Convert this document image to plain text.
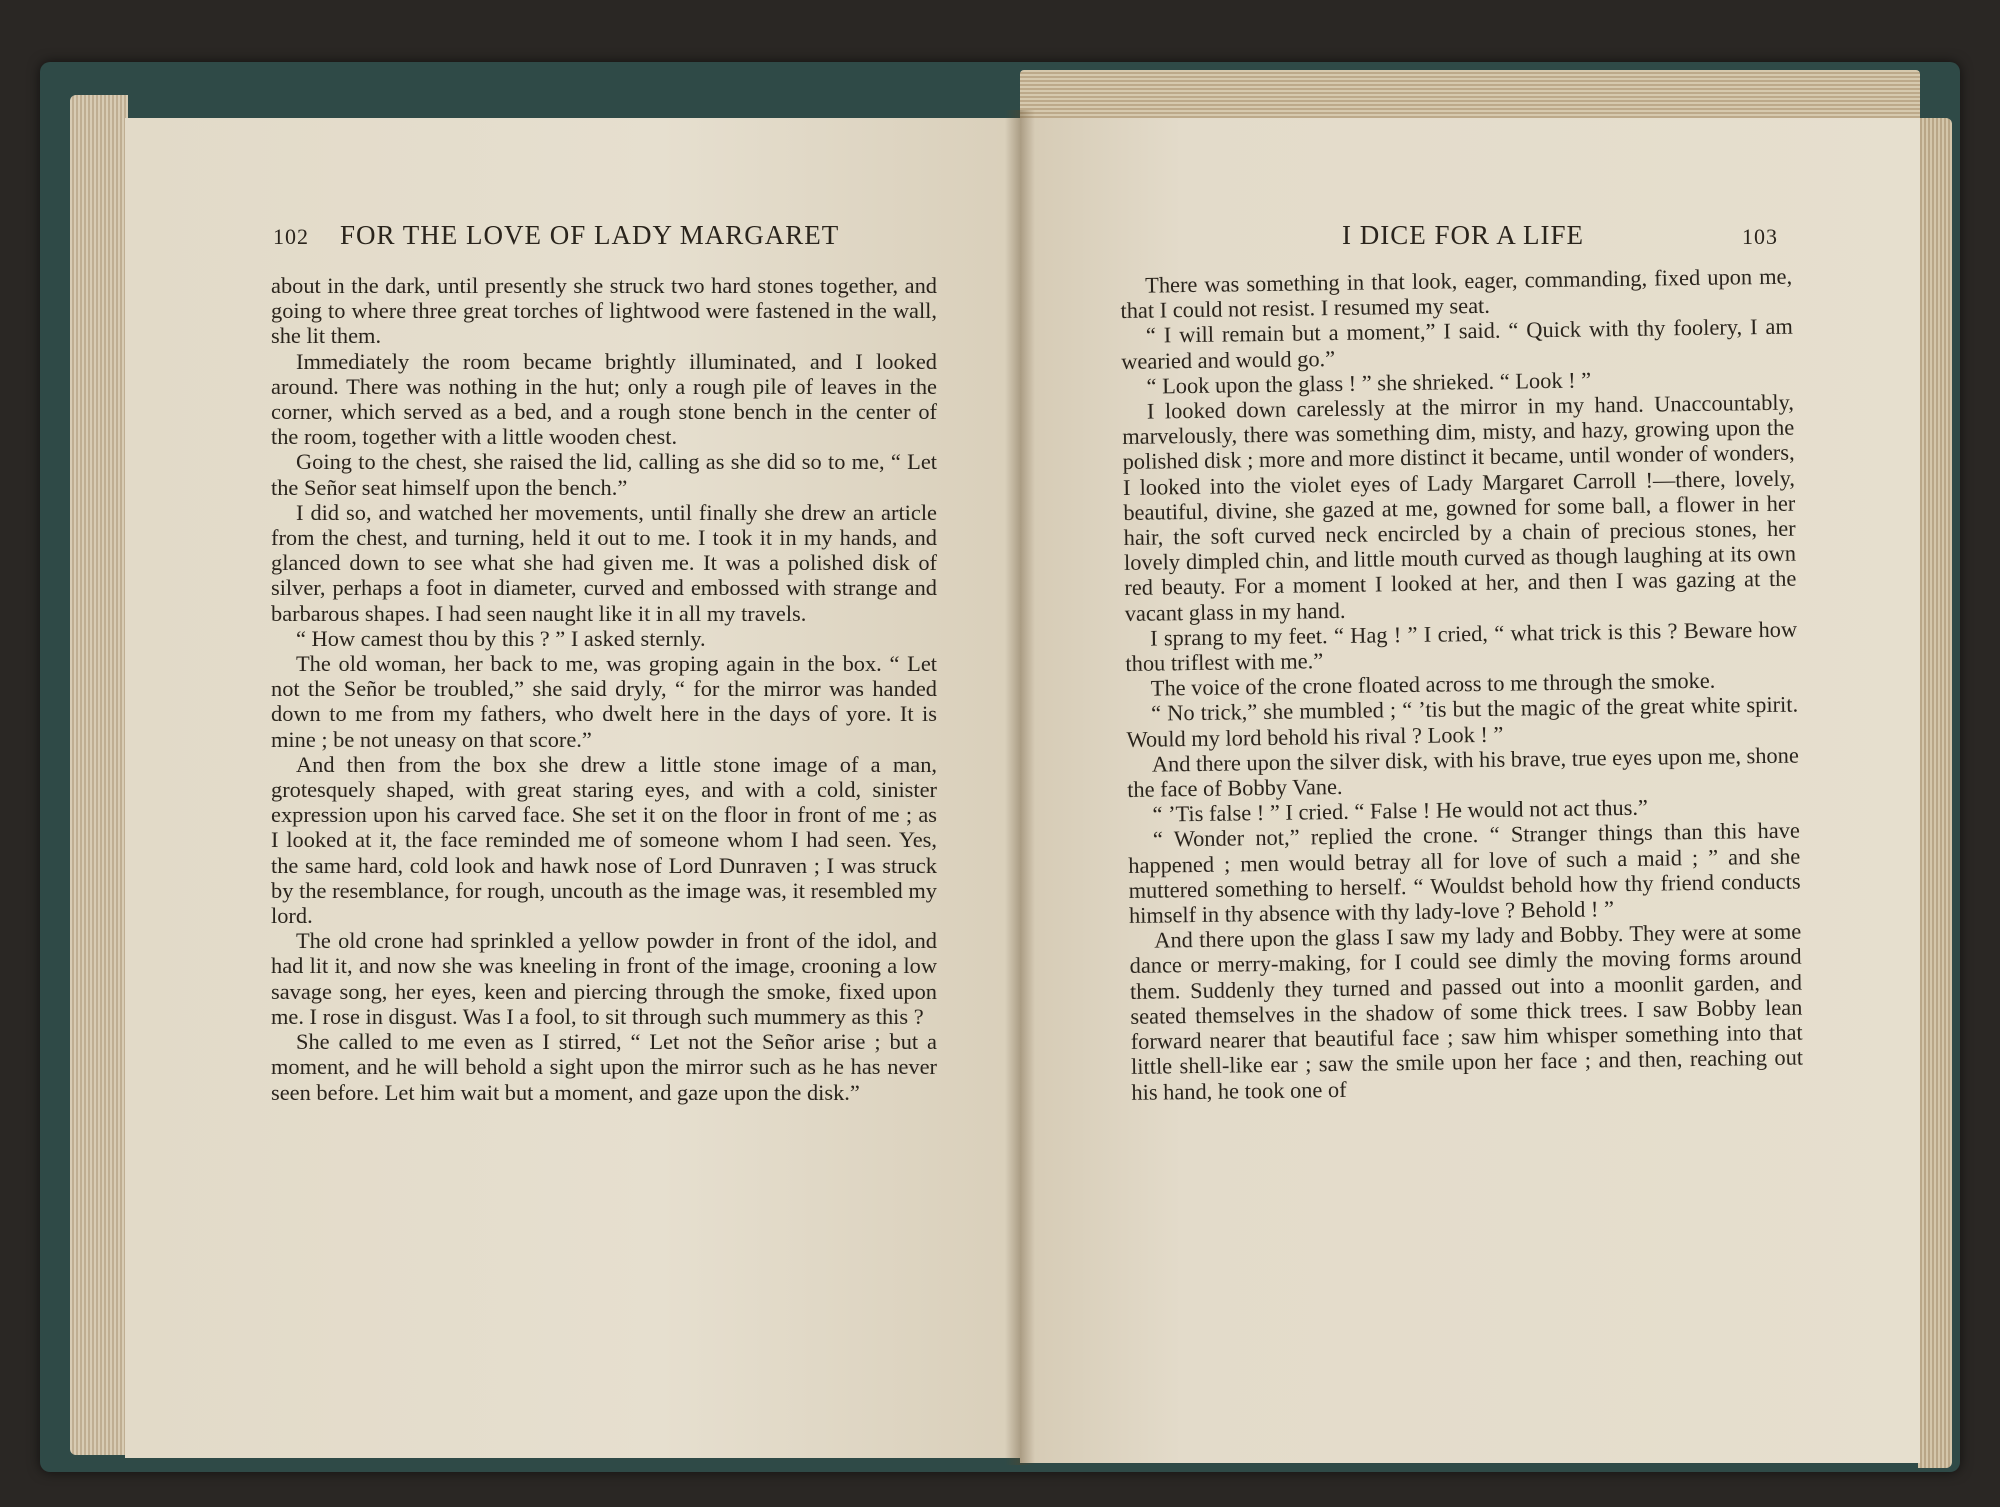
102 FOR THE LOVE OF LADY MARGARET

about in the dark, until presently she struck two hard stones together, and going to where three great torches of lightwood were fastened in the wall, she lit them.

Immediately the room became brightly illuminated, and I looked around. There was nothing in the hut; only a rough pile of leaves in the corner, which served as a bed, and a rough stone bench in the center of the room, together with a little wooden chest.

Going to the chest, she raised the lid, calling as she did so to me, “ Let the Señor seat himself upon the bench.”

I did so, and watched her movements, until finally she drew an article from the chest, and turning, held it out to me. I took it in my hands, and glanced down to see what she had given me. It was a polished disk of silver, perhaps a foot in diameter, curved and embossed with strange and barbarous shapes. I had seen naught like it in all my travels.

“ How camest thou by this ? ” I asked sternly.

The old woman, her back to me, was groping again in the box. “ Let not the Señor be troubled,” she said dryly, “ for the mirror was handed down to me from my fathers, who dwelt here in the days of yore. It is mine ; be not uneasy on that score.”

And then from the box she drew a little stone image of a man, grotesquely shaped, with great staring eyes, and with a cold, sinister expression upon his carved face. She set it on the floor in front of me ; as I looked at it, the face reminded me of someone whom I had seen. Yes, the same hard, cold look and hawk nose of Lord Dunraven ; I was struck by the resemblance, for rough, uncouth as the image was, it resembled my lord.

The old crone had sprinkled a yellow powder in front of the idol, and had lit it, and now she was kneeling in front of the image, crooning a low savage song, her eyes, keen and piercing through the smoke, fixed upon me. I rose in disgust. Was I a fool, to sit through such mummery as this ?

She called to me even as I stirred, “ Let not the Señor arise ; but a moment, and he will behold a sight upon the mirror such as he has never seen before. Let him wait but a moment, and gaze upon the disk.”

I DICE FOR A LIFE	103

There was something in that look, eager, commanding, fixed upon me, that I could not resist. I resumed my seat.

“ I will remain but a moment,” I said. “ Quick with thy foolery, I am wearied and would go.”

“ Look upon the glass ! ” she shrieked. “ Look ! ”

I looked down carelessly at the mirror in my hand. Unaccountably, marvelously, there was something dim, misty, and hazy, growing upon the polished disk ; more and more distinct it became, until wonder of wonders, I looked into the violet eyes of Lady Margaret Carroll !—there, lovely, beautiful, divine, she gazed at me, gowned for some ball, a flower in her hair, the soft curved neck encircled by a chain of precious stones, her lovely dimpled chin, and little mouth curved as though laughing at its own red beauty. For a moment I looked at her, and then I was gazing at the vacant glass in my hand.

I sprang to my feet. “ Hag ! ” I cried, “ what trick is this ? Beware how thou triflest with me.”

The voice of the crone floated across to me through the smoke.

“ No trick,” she mumbled ; “ ’tis but the magic of the great white spirit. Would my lord behold his rival ? Look ! ”

And there upon the silver disk, with his brave, true eyes upon me, shone the face of Bobby Vane.

“ ’Tis false ! ” I cried. “ False ! He would not act thus.”

“ Wonder not,” replied the crone. “ Stranger things than this have happened ; men would betray all for love of such a maid ; ” and she muttered something to herself. “ Wouldst behold how thy friend conducts himself in thy absence with thy lady-love ? Behold ! ”

And there upon the glass I saw my lady and Bobby. They were at some dance or merry-making, for I could see dimly the moving forms around them. Suddenly they turned and passed out into a moonlit garden, and seated themselves in the shadow of some thick trees. I saw Bobby lean forward nearer that beautiful face ; saw him whisper something into that little shell-like ear ; saw the smile upon her face ; and then, reaching out his hand, he took one of
